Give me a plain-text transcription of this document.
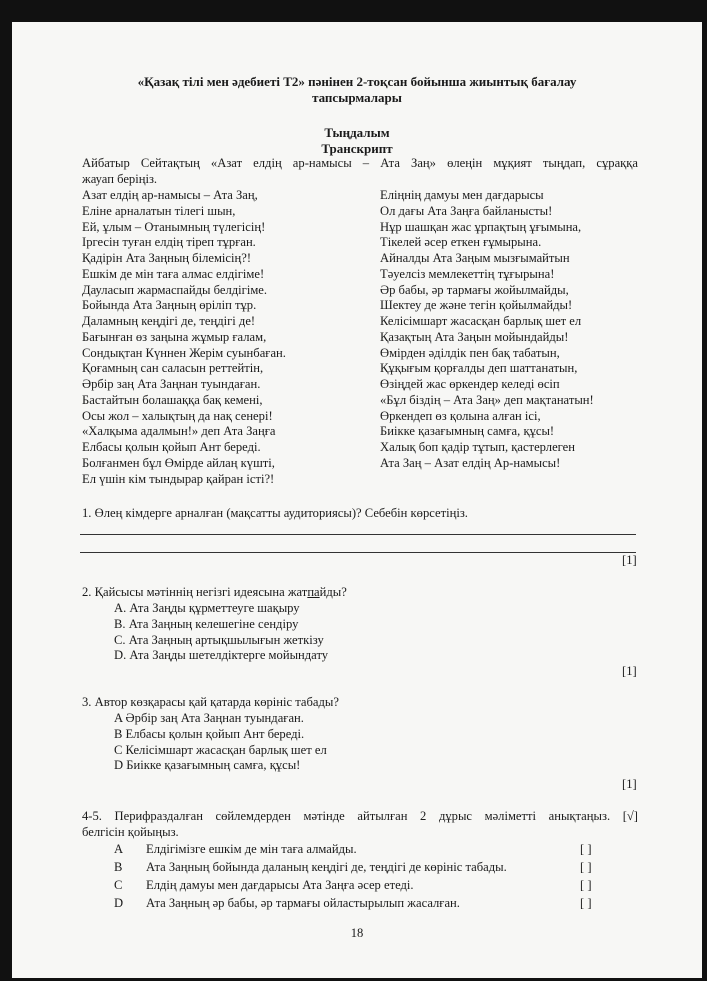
«Қазақ тілі мен әдебиеті Т2» пәнінен 2-тоқсан бойынша жиынтық бағалау
тапсырмалары
Тыңдалым
Транскрипт
Айбатыр Сейтақтың «Азат елдің ар-намысы – Ата Заң» өлеңін мұқият тыңдап, сұраққа
жауап беріңіз.
Азат елдің ар-намысы – Ата Заң,
Еліне арналатын тілегі шын,
Ей, ұлым – Отанымның түлегісің!
Іргесін туған елдің тіреп тұрған.
Қадірін Ата Заңның білемісің?!
Ешкім де мін таға алмас елдігіме!
Дауласып жармаспайды белдігіме.
Бойында Ата Заңның өріліп тұр.
Даламның кеңдігі де, теңдігі де!
Бағынған өз заңына жұмыр ғалам,
Сондықтан Күннен Жерім суынбаған.
Қоғамның сан саласын реттейтін,
Әрбір заң Ата Заңнан туындаған.
Бастайтын болашаққа бақ кемені,
Осы жол – халықтың да нақ сенері!
«Халқыма адалмын!» деп Ата Заңға
Елбасы қолын қойып Ант береді.
Болғанмен бұл Өмірде айлаң күшті,
Ел үшін кім тындырар қайран істі?!
Еліңнің дамуы мен дағдарысы
Ол дағы Ата Заңға байланысты!
Нұр шашқан жас ұрпақтың ұғымына,
Тікелей әсер еткен ғұмырына.
Айналды Ата Заңым мызғымайтын
Тәуелсіз мемлекеттің тұғырына!
Әр бабы, әр тармағы жойылмайды,
Шектеу де және тегін қойылмайды!
Келісімшарт жасасқан барлық шет ел
Қазақтың Ата Заңын мойындайды!
Өмірден әділдік пен бақ табатын,
Құқығым қорғалды деп шаттанатын,
Өзіңдей жас өркендер келеді өсіп
«Бұл біздің – Ата Заң» деп мақтанатын!
Өркендеп өз қолына алған ісі,
Биікке қазағымның самға, құсы!
Халық боп қадір тұтып, қастерлеген
Ата Заң – Азат елдің Ар-намысы!
1. Өлең кімдерге арналған (мақсатты аудиториясы)? Себебін көрсетіңіз.
[1]
2. Қайсысы мәтіннің негізгі идеясына жатпайды?
A. Ата Заңды құрметтеуге шақыру
B. Ата Заңның келешегіне сендіру
C. Ата Заңның артықшылығын жеткізу
D. Ата Заңды шетелдіктерге мойындату
[1]
3. Автор көзқарасы қай қатарда көрініс табады?
A Әрбір заң Ата Заңнан туындаған.
B Елбасы қолын қойып Ант береді.
C Келісімшарт жасасқан барлық шет ел
D Биікке қазағымның самға, құсы!
[1]
4-5. Перифраздалған сөйлемдерден мәтінде айтылған 2 дұрыс мәліметті анықтаңыз. [√]
белгісін қойыңыз.
A Елдігімізге ешкім де мін таға алмайды.	[ ]
B Ата Заңның бойында даланың кеңдігі де, теңдігі де көрініс табады.	[ ]
C Елдің дамуы мен дағдарысы Ата Заңға әсер етеді.	[ ]
D Ата Заңның әр бабы, әр тармағы ойластырылып жасалған.	[ ]
18
